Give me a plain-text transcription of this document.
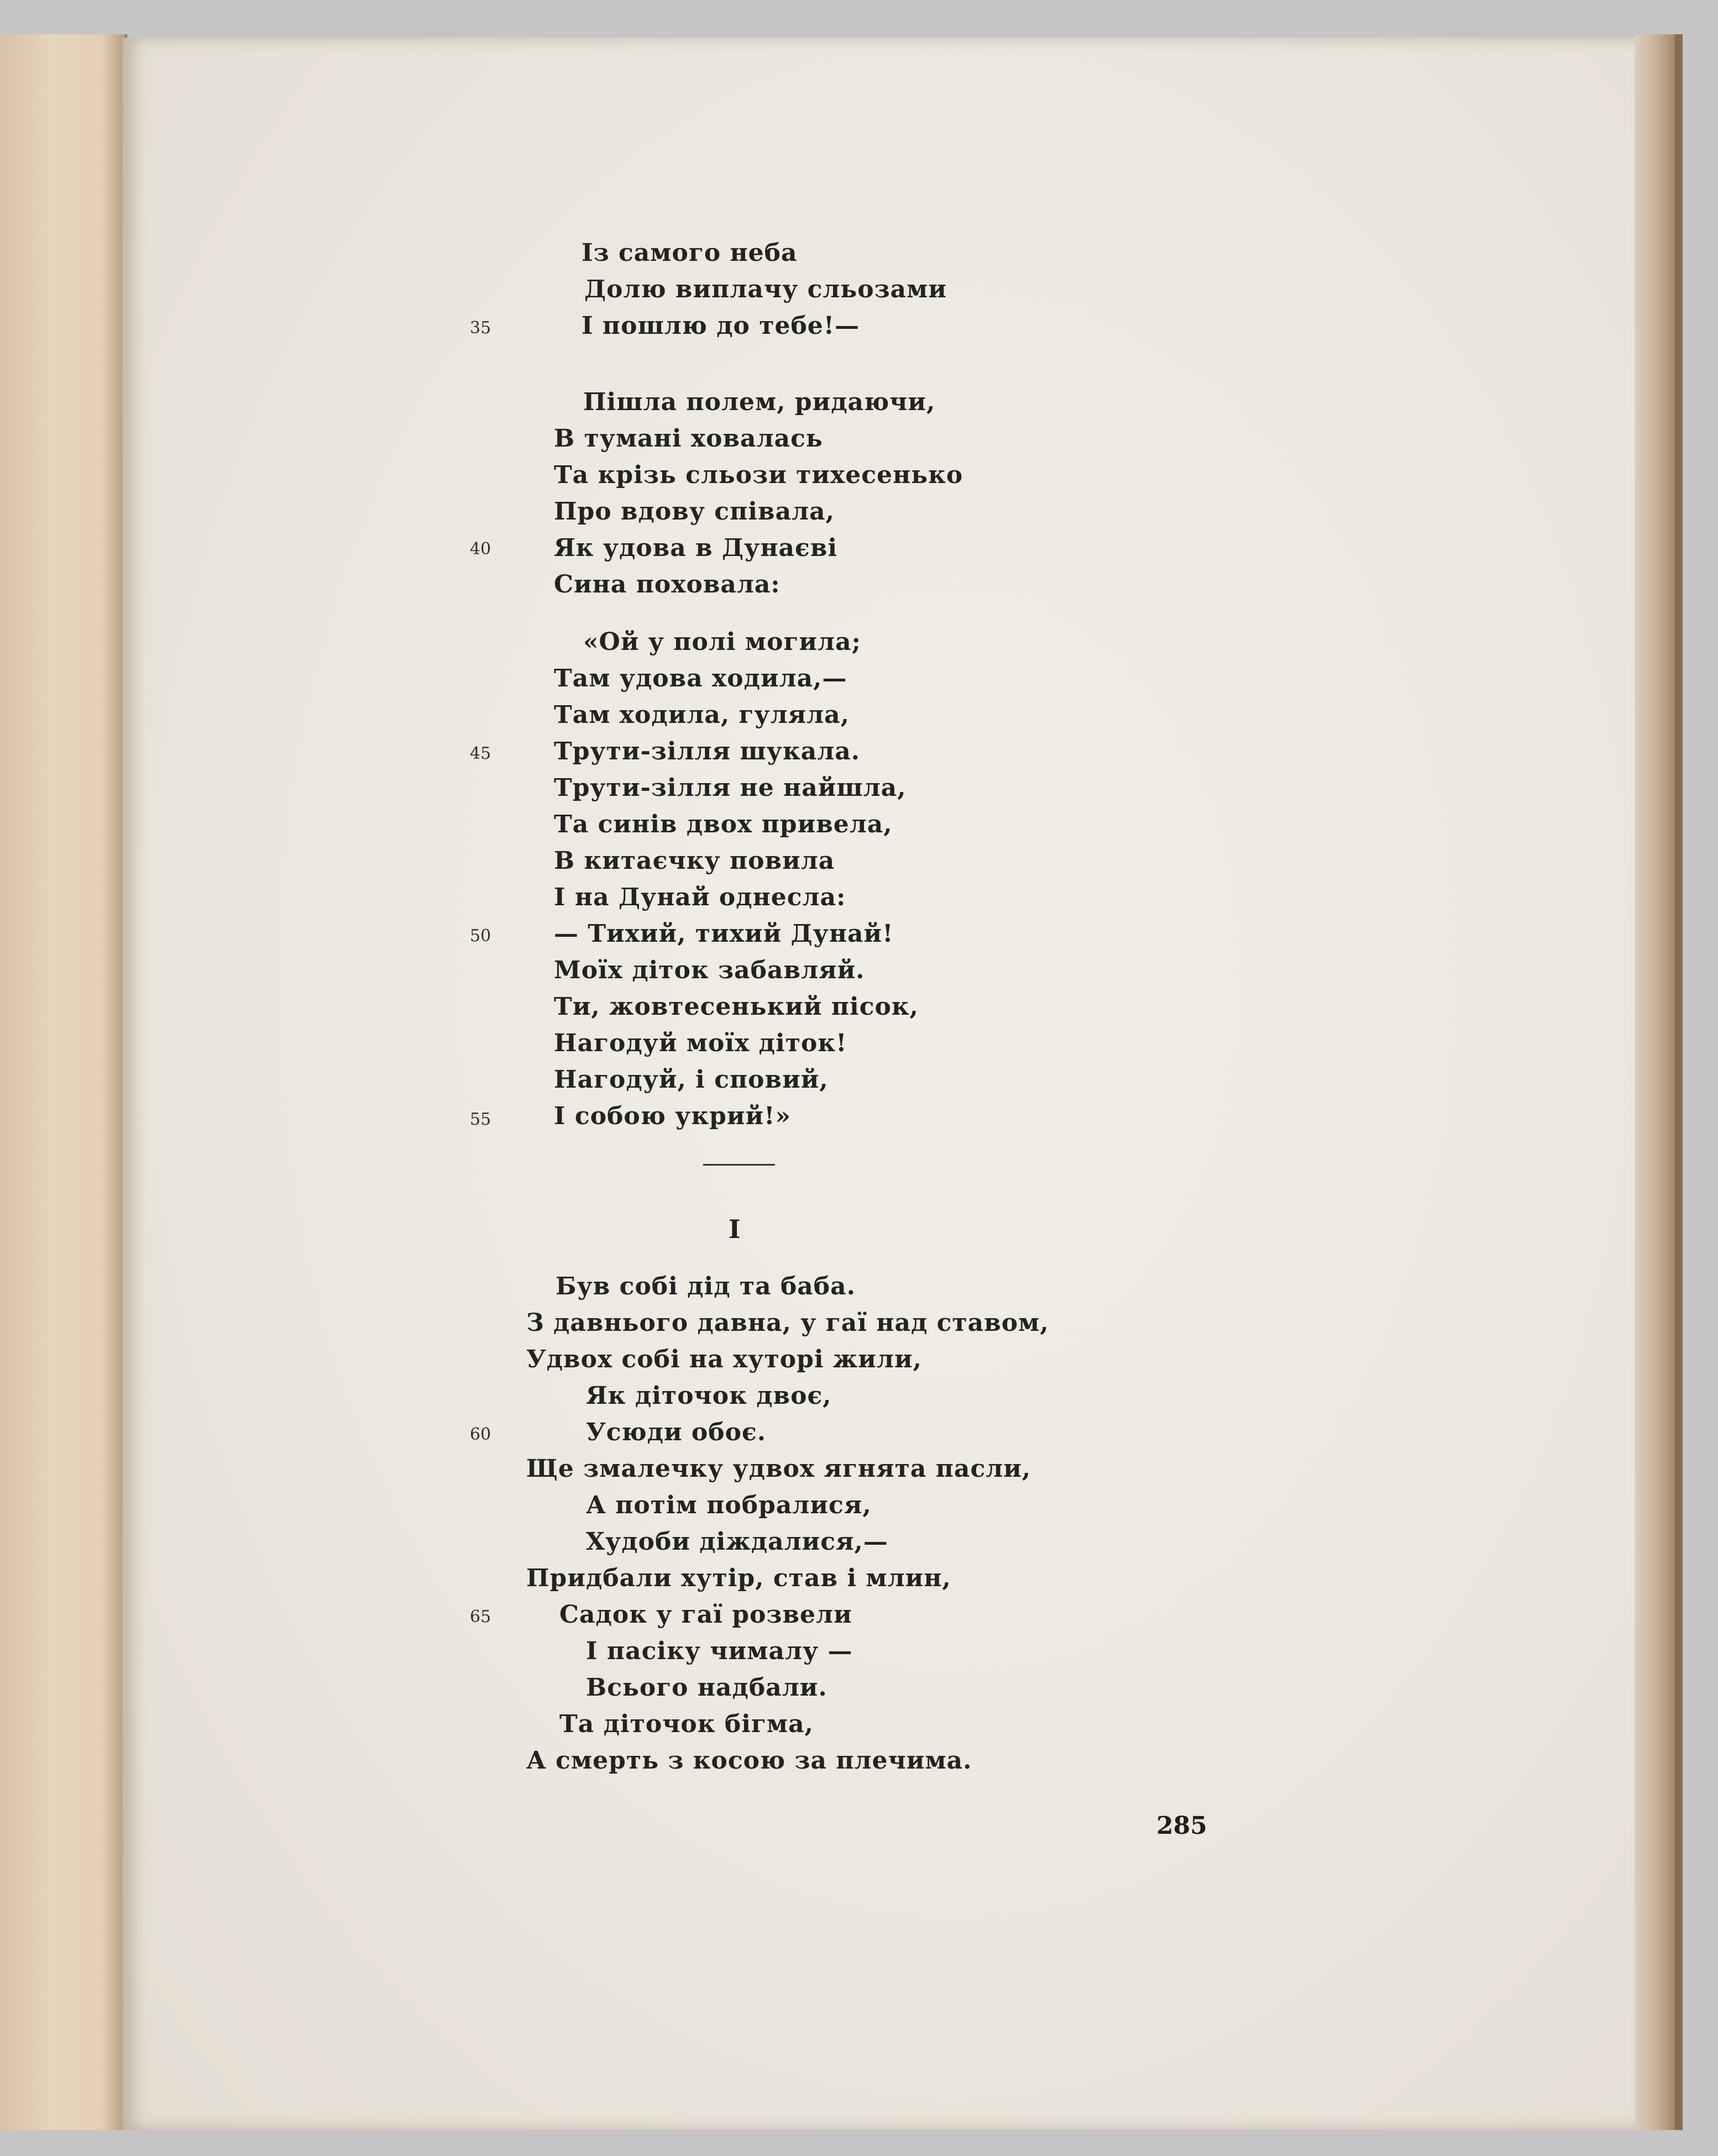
Із самого неба
Долю виплачу сльозами
І пошлю до тебе!—
35
Пішла полем, ридаючи,
В тумані ховалась
Та крізь сльози тихесенько
Про вдову співала,
Як удова в Дунаєві
40
Сина поховала:
«Ой у полі могила;
Там удова ходила,—
Там ходила, гуляла,
Трути-зілля шукала.
45
Трути-зілля не найшла,
Та синів двох привела,
В китаєчку повила
І на Дунай однесла:
— Тихий, тихий Дунай!
50
Моїх діток забавляй.
Ти, жовтесенький пісок,
Нагодуй моїх діток!
Нагодуй, і сповий,
І собою укрий!»
55
I
Був собі дід та баба.
З давнього давна, у гаї над ставом,
Удвох собі на хуторі жили,
Як діточок двоє,
Усюди обоє.
60
Ще змалечку удвох ягнята пасли,
А потім побралися,
Худоби діждалися,—
Придбали хутір, став і млин,
Садок у гаї розвели
65
І пасіку чималу —
Всього надбали.
Та діточок бігма,
А смерть з косою за плечима.
285
